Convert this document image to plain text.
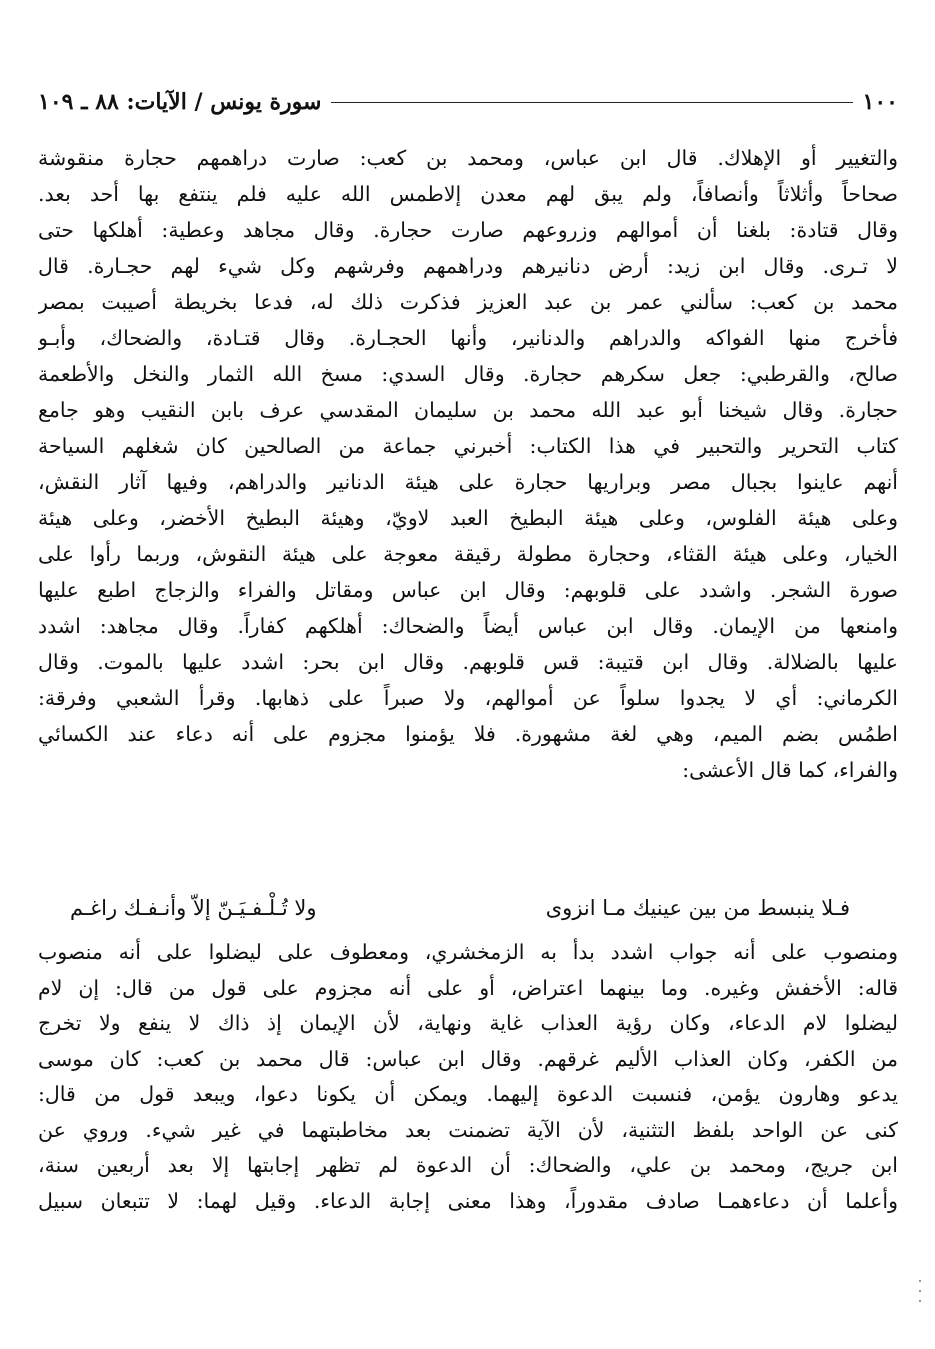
١٠٠
سورة يونس / الآيات: ٨٨ ـ ١٠٩
والتغيير أو الإهلاك. قال ابن عباس، ومحمد بن كعب: صارت دراهمهم حجارة منقوشة
صحاحاً وأثلاثاً وأنصافاً، ولم يبق لهم معدن إلاطمس الله عليه فلم ينتفع بها أحد بعد.
وقال قتادة: بلغنا أن أموالهم وزروعهم صارت حجارة. وقال مجاهد وعطية: أهلكها حتى
لا تـرى. وقال ابن زيد: أرض دنانيرهم ودراهمهم وفرشهم وكل شيء لهم حجـارة. قال
محمد بن كعب: سألني عمر بن عبد العزيز فذكرت ذلك له، فدعا بخريطة أصيبت بمصر
فأخرج منها الفواكه والدراهم والدنانير، وأنها الحجـارة. وقال قتـادة، والضحاك، وأبـو
صالح، والقرطبي: جعل سكرهم حجارة. وقال السدي: مسخ الله الثمار والنخل والأطعمة
حجارة. وقال شيخنا أبو عبد الله محمد بن سليمان المقدسي عرف بابن النقيب وهو جامع
كتاب التحرير والتحبير في هذا الكتاب: أخبرني جماعة من الصالحين كان شغلهم السياحة
أنهم عاينوا بجبال مصر وبراريها حجارة على هيئة الدنانير والدراهم، وفيها آثار النقش،
وعلى هيئة الفلوس، وعلى هيئة البطيخ العبد لاويّ، وهيئة البطيخ الأخضر، وعلى هيئة
الخيار، وعلى هيئة القثاء، وحجارة مطولة رقيقة معوجة على هيئة النقوش، وربما رأوا على
صورة الشجر. واشدد على قلوبهم: وقال ابن عباس ومقاتل والفراء والزجاج اطبع عليها
وامنعها من الإيمان. وقال ابن عباس أيضاً والضحاك: أهلكهم كفاراً. وقال مجاهد: اشدد
عليها بالضلالة. وقال ابن قتيبة: قس قلوبهم. وقال ابن بحر: اشدد عليها بالموت. وقال
الكرماني: أي لا يجدوا سلواً عن أموالهم، ولا صبراً على ذهابها. وقرأ الشعبي وفرقة:
اطمُس بضم الميم، وهي لغة مشهورة. فلا يؤمنوا مجزوم على أنه دعاء عند الكسائي
والفراء، كما قال الأعشى:
فـلا ينبسط من بين عينيك مـا انزوى
ولا تُـلْـفـيَـنّ إلاّ وأنـفـك راغـم
ومنصوب على أنه جواب اشدد بدأ به الزمخشري، ومعطوف على ليضلوا على أنه منصوب
قاله: الأخفش وغيره. وما بينهما اعتراض، أو على أنه مجزوم على قول من قال: إن لام
ليضلوا لام الدعاء، وكان رؤية العذاب غاية ونهاية، لأن الإيمان إذ ذاك لا ينفع ولا تخرج
من الكفر، وكان العذاب الأليم غرقهم. وقال ابن عباس: قال محمد بن كعب: كان موسى
يدعو وهارون يؤمن، فنسبت الدعوة إليهما. ويمكن أن يكونا دعوا، ويبعد قول من قال:
كنى عن الواحد بلفظ التثنية، لأن الآية تضمنت بعد مخاطبتهما في غير شيء. وروي عن
ابن جريج، ومحمد بن علي، والضحاك: أن الدعوة لم تظهر إجابتها إلا بعد أربعين سنة،
وأعلما أن دعاءهمـا صادف مقدوراً، وهذا معنى إجابة الدعاء. وقيل لهما: لا تتبعان سبيل
